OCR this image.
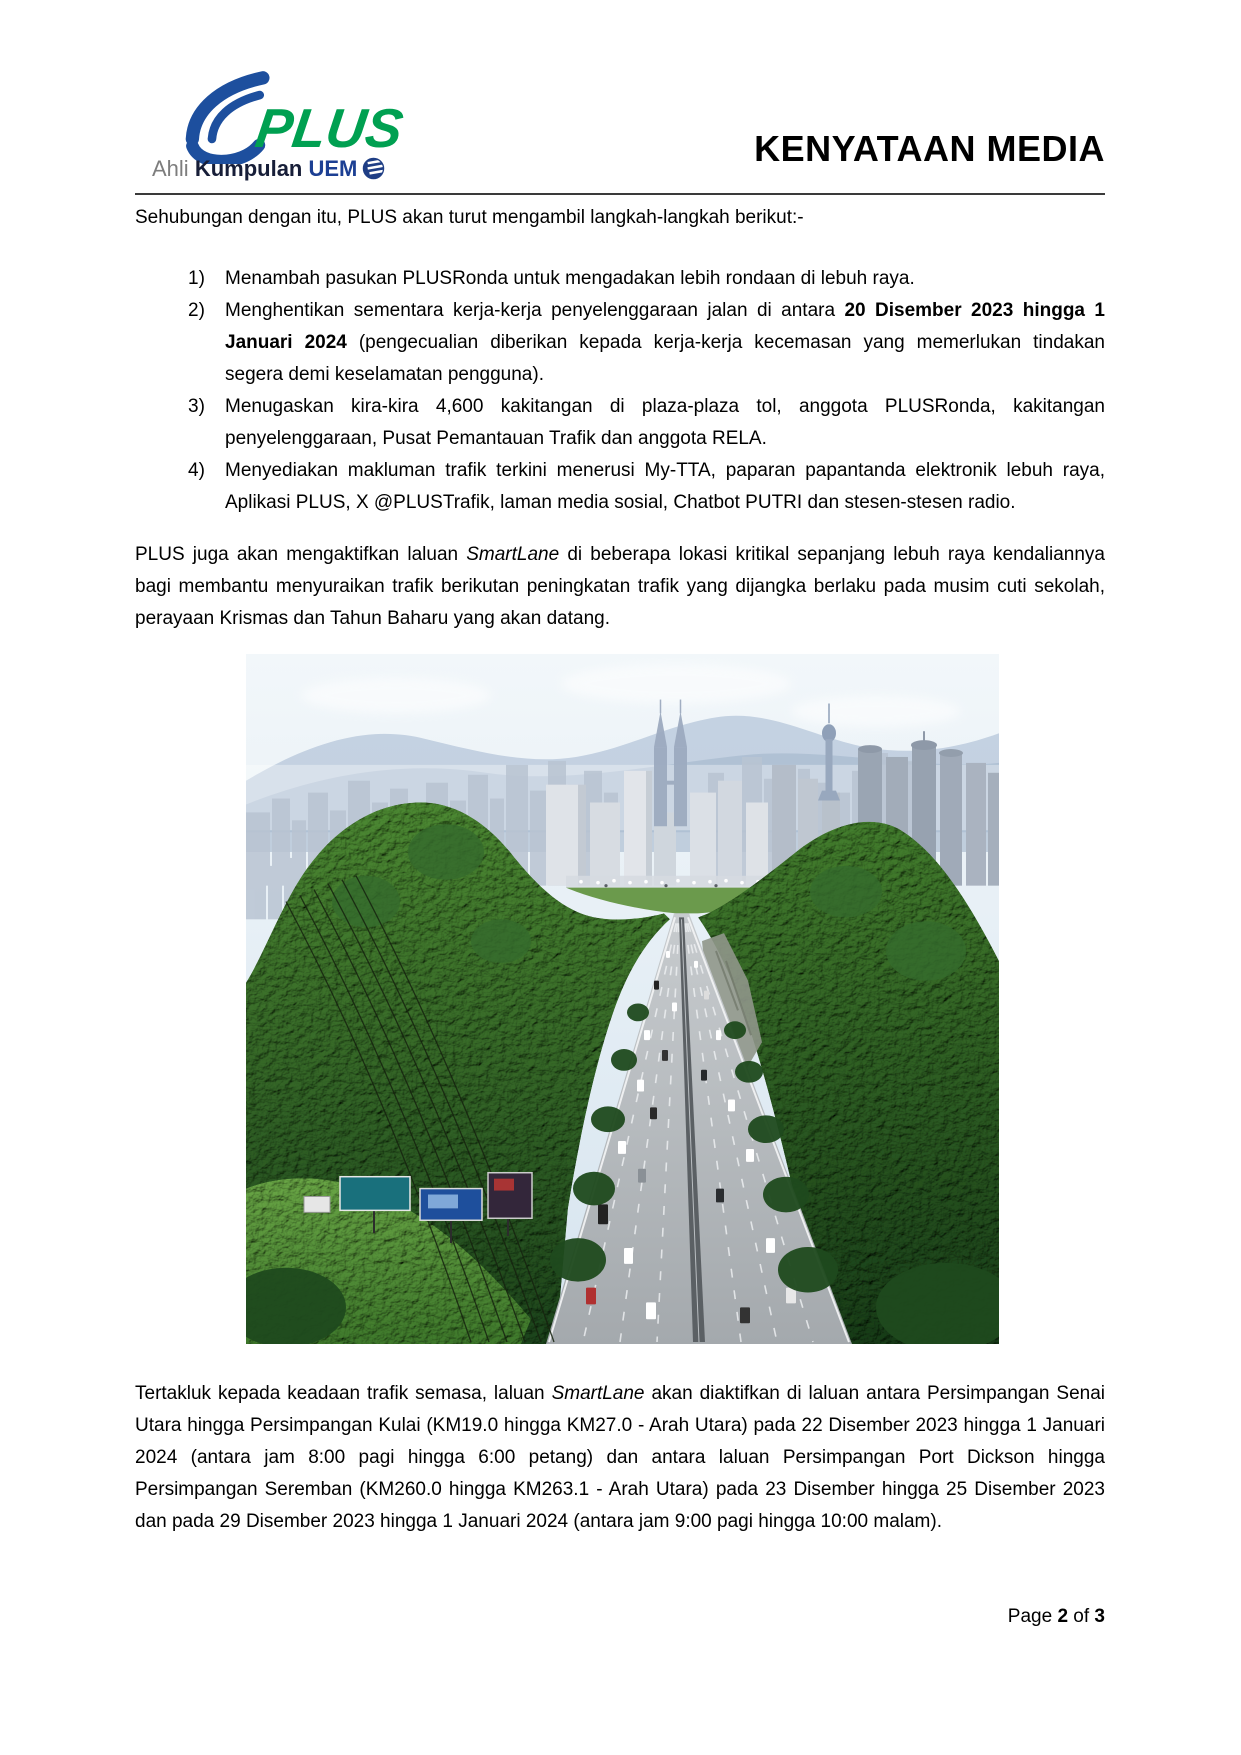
PLUS
Ahli Kumpulan UEM	KENYATAAN MEDIA

Sehubungan dengan itu, PLUS akan turut mengambil langkah-langkah berikut:-

1) Menambah pasukan PLUSRonda untuk mengadakan lebih rondaan di lebuh raya.
2) Menghentikan sementara kerja-kerja penyelenggaraan jalan di antara 20 Disember 2023 hingga 1 Januari 2024 (pengecualian diberikan kepada kerja-kerja kecemasan yang memerlukan tindakan segera demi keselamatan pengguna).
3) Menugaskan kira-kira 4,600 kakitangan di plaza-plaza tol, anggota PLUSRonda, kakitangan penyelenggaraan, Pusat Pemantauan Trafik dan anggota RELA.
4) Menyediakan makluman trafik terkini menerusi My-TTA, paparan papantanda elektronik lebuh raya, Aplikasi PLUS, X @PLUSTrafik, laman media sosial, Chatbot PUTRI dan stesen-stesen radio.

PLUS juga akan mengaktifkan laluan SmartLane di beberapa lokasi kritikal sepanjang lebuh raya kendaliannya bagi membantu menyuraikan trafik berikutan peningkatan trafik yang dijangka berlaku pada musim cuti sekolah, perayaan Krismas dan Tahun Baharu yang akan datang.

Tertakluk kepada keadaan trafik semasa, laluan SmartLane akan diaktifkan di laluan antara Persimpangan Senai Utara hingga Persimpangan Kulai (KM19.0 hingga KM27.0 - Arah Utara) pada 22 Disember 2023 hingga 1 Januari 2024 (antara jam 8:00 pagi hingga 6:00 petang) dan antara laluan Persimpangan Port Dickson hingga Persimpangan Seremban (KM260.0 hingga KM263.1 - Arah Utara) pada 23 Disember hingga 25 Disember 2023 dan pada 29 Disember 2023 hingga 1 Januari 2024 (antara jam 9:00 pagi hingga 10:00 malam).

Page 2 of 3
